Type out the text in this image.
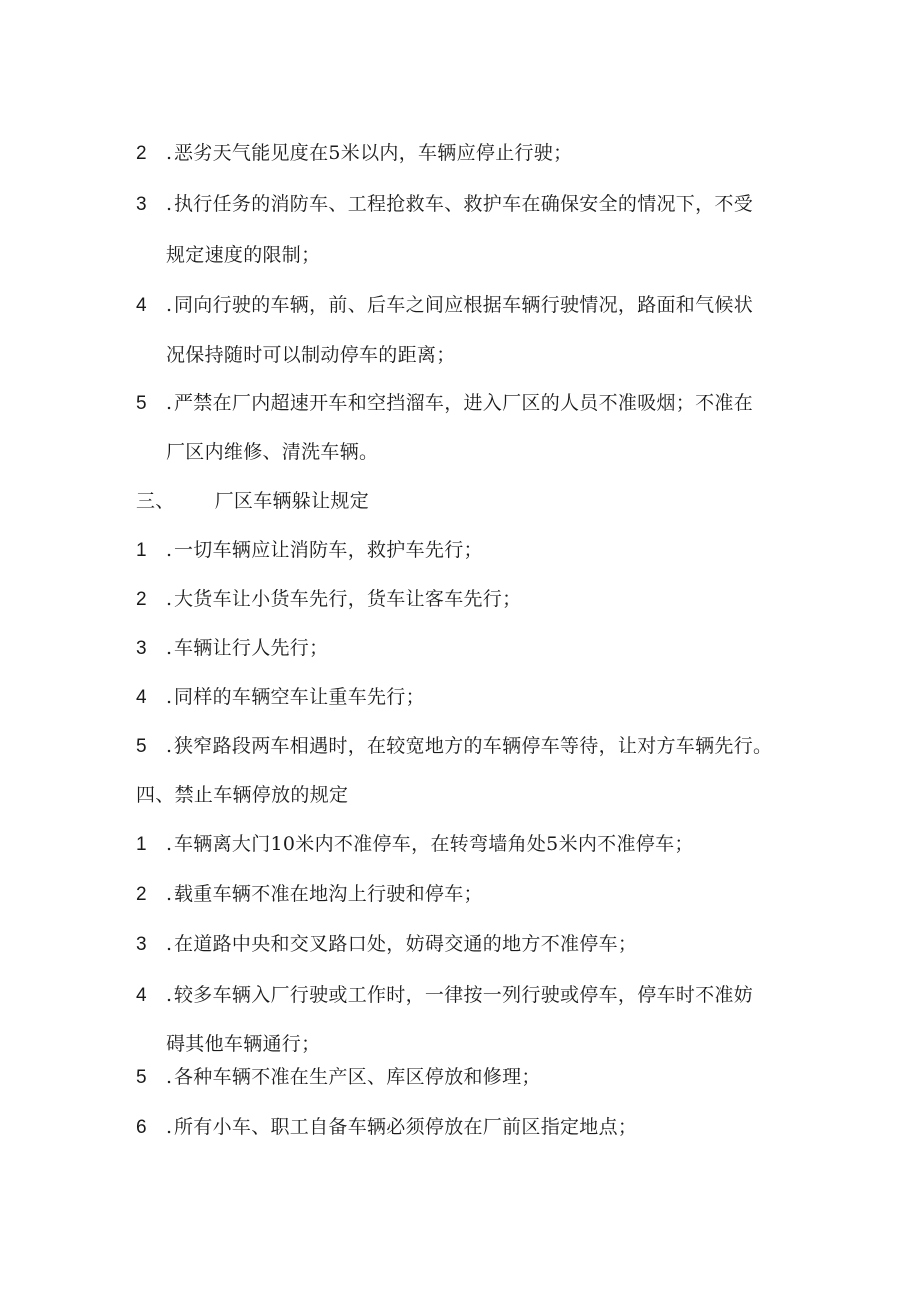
2 .恶劣天气能见度在5米以内，车辆应停止行驶；
3 .执行任务的消防车、工程抢救车、救护车在确保安全的情况下，不受
规定速度的限制；
4 .同向行驶的车辆，前、后车之间应根据车辆行驶情况，路面和气候状
况保持随时可以制动停车的距离；
5 .严禁在厂内超速开车和空挡溜车，进入厂区的人员不准吸烟；不准在
厂区内维修、清洗车辆。
三、 厂区车辆躲让规定
1 .一切车辆应让消防车，救护车先行；
2 .大货车让小货车先行，货车让客车先行；
3 .车辆让行人先行；
4 .同样的车辆空车让重车先行；
5 .狭窄路段两车相遇时，在较宽地方的车辆停车等待，让对方车辆先行。
四、禁止车辆停放的规定
1 .车辆离大门10米内不准停车，在转弯墙角处5米内不准停车；
2 .载重车辆不准在地沟上行驶和停车；
3 .在道路中央和交叉路口处，妨碍交通的地方不准停车；
4 .较多车辆入厂行驶或工作时，一律按一列行驶或停车，停车时不准妨
碍其他车辆通行；
5 .各种车辆不准在生产区、库区停放和修理；
6 .所有小车、职工自备车辆必须停放在厂前区指定地点；
